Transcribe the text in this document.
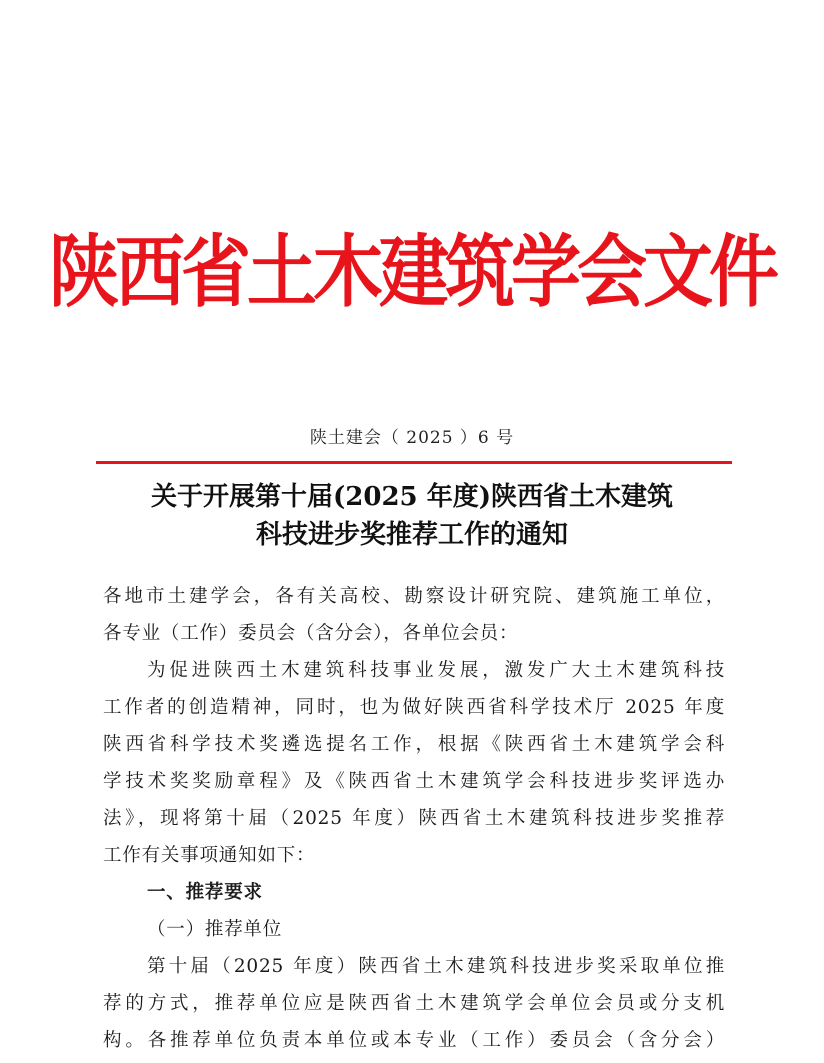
陕西省土木建筑学会文件
陕土建会（ 2025 ）6 号
关于开展第十届(2025 年度)陕西省土木建筑
科技进步奖推荐工作的通知
各地市土建学会，各有关高校、勘察设计研究院、建筑施工单位，
各专业（工作）委员会（含分会），各单位会员：
为促进陕西土木建筑科技事业发展，激发广大土木建筑科技
工作者的创造精神，同时，也为做好陕西省科学技术厅 2025 年度
陕西省科学技术奖遴选提名工作，根据《陕西省土木建筑学会科
学技术奖奖励章程》及《陕西省土木建筑学会科技进步奖评选办
法》，现将第十届（2025 年度）陕西省土木建筑科技进步奖推荐
工作有关事项通知如下：
一、推荐要求
（一）推荐单位
第十届（2025 年度）陕西省土木建筑科技进步奖采取单位推
荐的方式，推荐单位应是陕西省土木建筑学会单位会员或分支机
构。各推荐单位负责本单位或本专业（工作）委员会（含分会）
